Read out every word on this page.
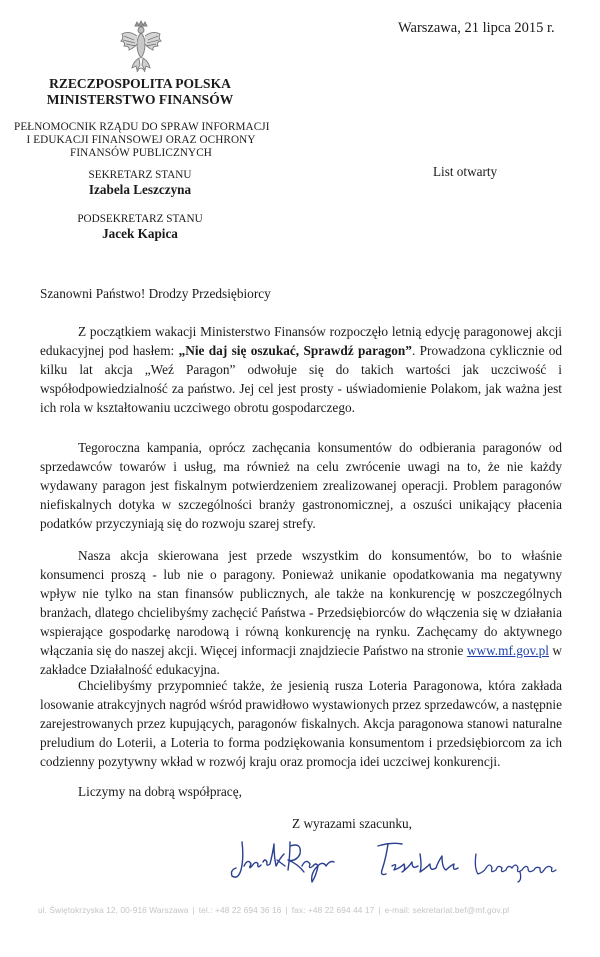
Warszawa, 21 lipca 2015 r.
RZECZPOSPOLITA POLSKA
MINISTERSTWO FINANSÓW
PEŁNOMOCNIK RZĄDU DO SPRAW INFORMACJI
I EDUKACJI FINANSOWEJ ORAZ OCHRONY
FINANSÓW PUBLICZNYCH
SEKRETARZ STANU
Izabela Leszczyna
PODSEKRETARZ STANU
Jacek Kapica
List otwarty
Szanowni Państwo! Drodzy Przedsiębiorcy

Z początkiem wakacji Ministerstwo Finansów rozpoczęło letnią edycję paragonowej akcji edukacyjnej pod hasłem: „Nie daj się oszukać, Sprawdź paragon”. Prowadzona cyklicznie od kilku lat akcja „Weź Paragon” odwołuje się do takich wartości jak uczciwość i współodpowiedzialność za państwo. Jej cel jest prosty - uświadomienie Polakom, jak ważna jest ich rola w kształtowaniu uczciwego obrotu gospodarczego.

Tegoroczna kampania, oprócz zachęcania konsumentów do odbierania paragonów od sprzedawców towarów i usług, ma również na celu zwrócenie uwagi na to, że nie każdy wydawany paragon jest fiskalnym potwierdzeniem zrealizowanej operacji. Problem paragonów niefiskalnych dotyka w szczególności branży gastronomicznej, a oszuści unikający płacenia podatków przyczyniają się do rozwoju szarej strefy.

Nasza akcja skierowana jest przede wszystkim do konsumentów, bo to właśnie konsumenci proszą - lub nie o paragony. Ponieważ unikanie opodatkowania ma negatywny wpływ nie tylko na stan finansów publicznych, ale także na konkurencję w poszczególnych branżach, dlatego chcielibyśmy zachęcić Państwa - Przedsiębiorców do włączenia się w działania wspierające gospodarkę narodową i równą konkurencję na rynku. Zachęcamy do aktywnego włączania się do naszej akcji. Więcej informacji znajdziecie Państwo na stronie www.mf.gov.pl w zakładce Działalność edukacyjna.

Chcielibyśmy przypomnieć także, że jesienią rusza Loteria Paragonowa, która zakłada losowanie atrakcyjnych nagród wśród prawidłowo wystawionych przez sprzedawców, a następnie zarejestrowanych przez kupujących, paragonów fiskalnych. Akcja paragonowa stanowi naturalne preludium do Loterii, a Loteria to forma podziękowania konsumentom i przedsiębiorcom za ich codzienny pozytywny wkład w rozwój kraju oraz promocja idei uczciwej konkurencji.

Liczymy na dobrą współpracę,
Z wyrazami szacunku,
ul. Świętokrzyska 12, 00-916 Warszawa | tel.: +48 22 694 36 16 | fax: +48 22 694 44 17 | e-mail: sekretariat.bef@mf.gov.pl
